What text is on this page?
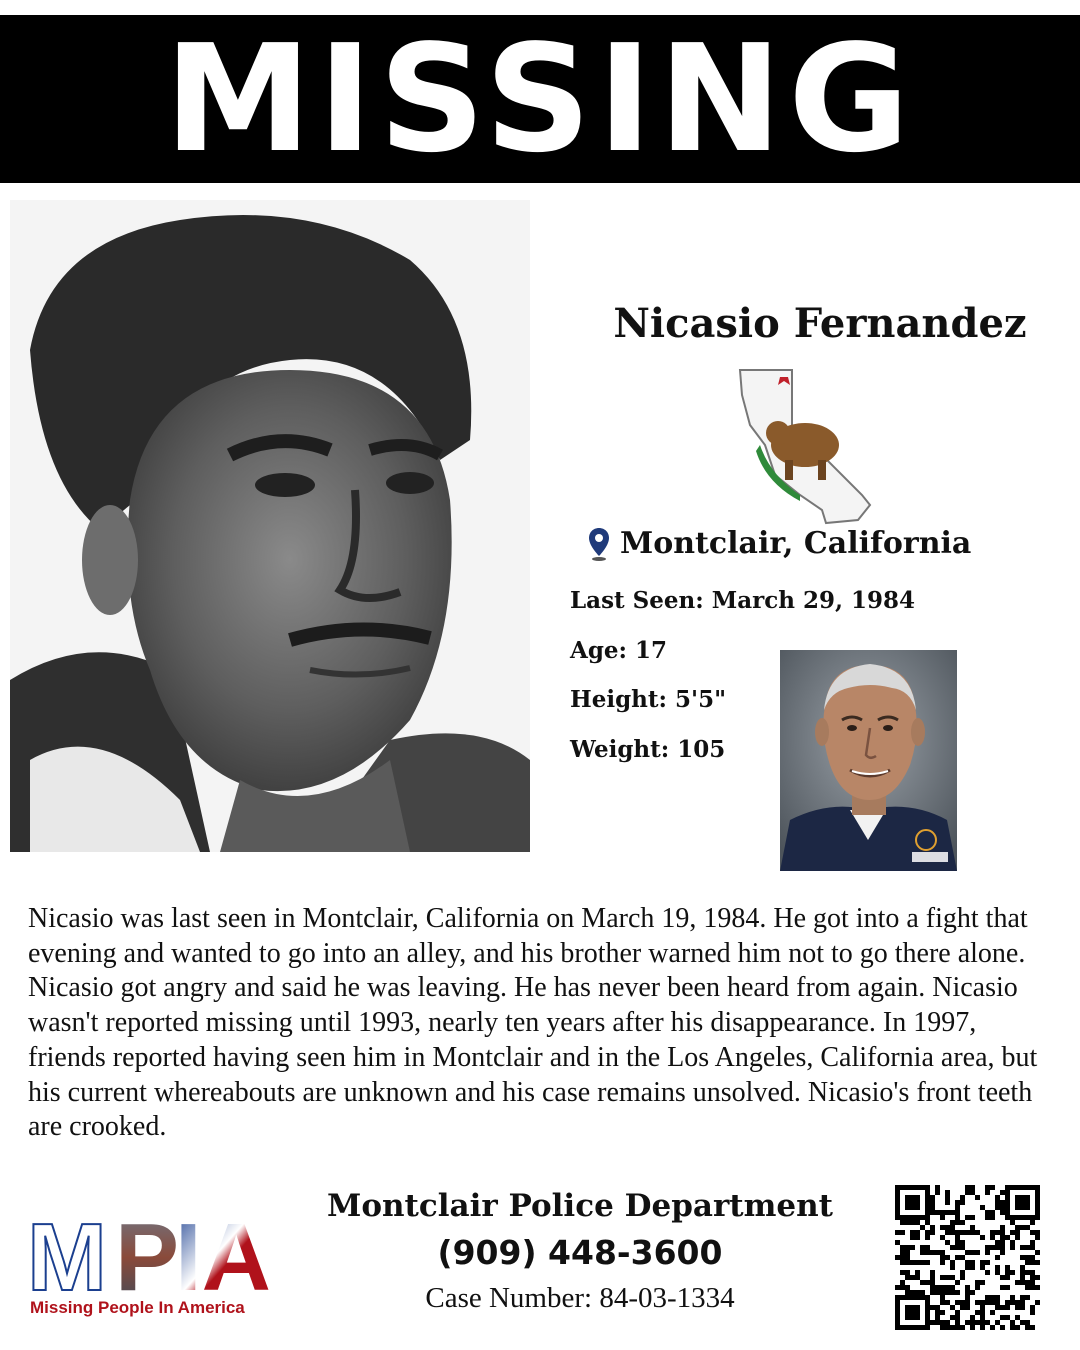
MISSING
Nicasio Fernandez
Montclair, California
Last Seen: March 29, 1984
Age: 17
Height: 5'5"
Weight: 105

Nicasio was last seen in Montclair, California on March 19, 1984. He got into a fight that evening and wanted to go into an alley, and his brother warned him not to go there alone. Nicasio got angry and said he was leaving. He has never been heard from again. Nicasio wasn't reported missing until 1993, nearly ten years after his disappearance. In 1997, friends reported having seen him in Montclair and in the Los Angeles, California area, but his current whereabouts are unknown and his case remains unsolved. Nicasio's front teeth are crooked.

M P
IA
Missing People In America
Montclair Police Department
(909) 448-3600
Case Number: 84-03-1334
